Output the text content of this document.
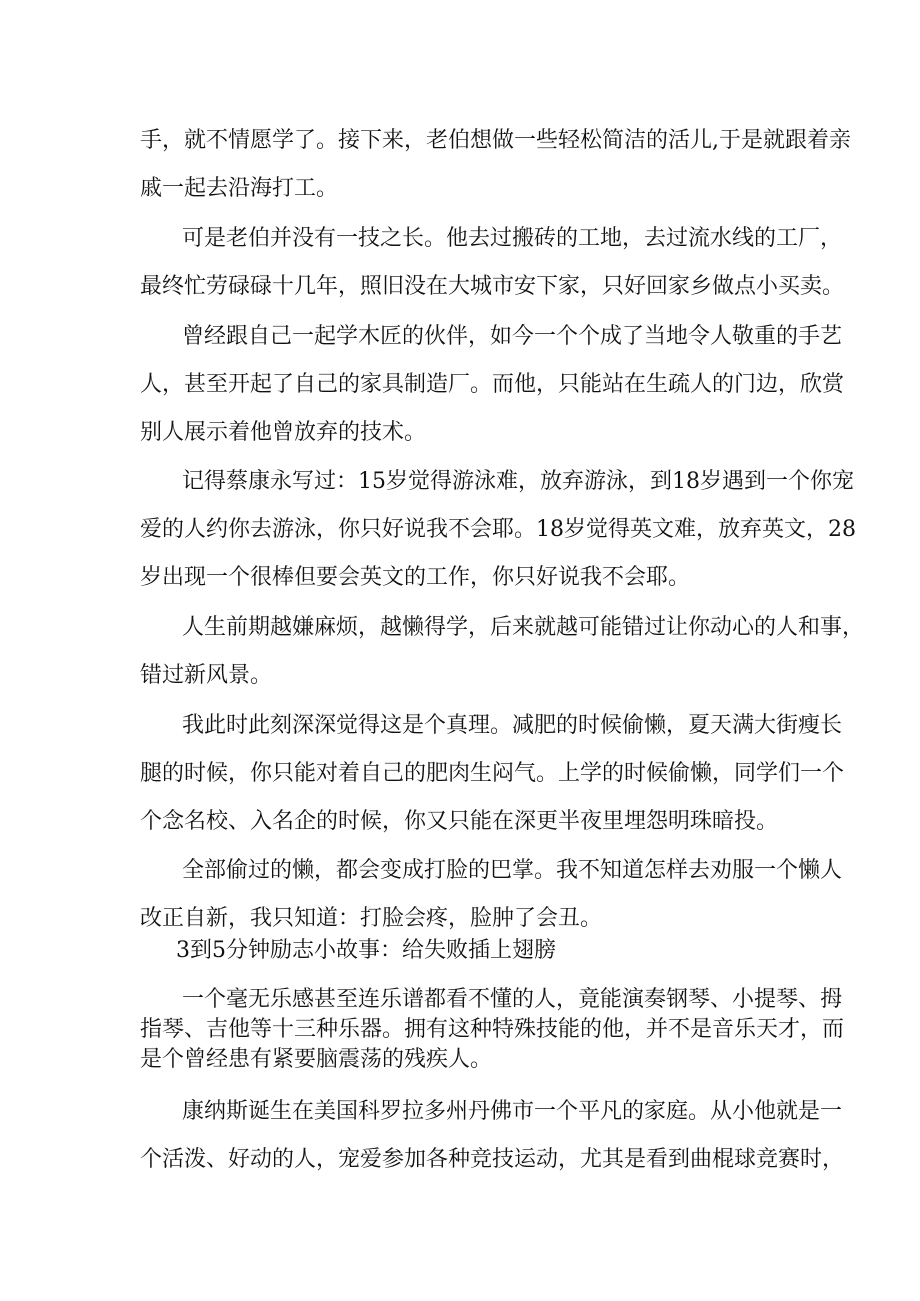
手，就不情愿学了。接下来，老伯想做一些轻松简洁的活儿,于是就跟着亲
戚一起去沿海打工。
可是老伯并没有一技之长。他去过搬砖的工地，去过流水线的工厂，
最终忙劳碌碌十几年，照旧没在大城市安下家，只好回家乡做点小买卖。
曾经跟自己一起学木匠的伙伴，如今一个个成了当地令人敬重的手艺
人，甚至开起了自己的家具制造厂。而他，只能站在生疏人的门边，欣赏
别人展示着他曾放弃的技术。
记得蔡康永写过：15岁觉得游泳难，放弃游泳，到18岁遇到一个你宠
爱的人约你去游泳，你只好说我不会耶。18岁觉得英文难，放弃英文，28
岁出现一个很棒但要会英文的工作，你只好说我不会耶。
人生前期越嫌麻烦，越懒得学，后来就越可能错过让你动心的人和事，
错过新风景。
我此时此刻深深觉得这是个真理。减肥的时候偷懒，夏天满大街瘦长
腿的时候，你只能对着自己的肥肉生闷气。上学的时候偷懒，同学们一个
个念名校、入名企的时候，你又只能在深更半夜里埋怨明珠暗投。
全部偷过的懒，都会变成打脸的巴掌。我不知道怎样去劝服一个懒人
改正自新，我只知道：打脸会疼，脸肿了会丑。
3到5分钟励志小故事：给失败插上翅膀
一个毫无乐感甚至连乐谱都看不懂的人，竟能演奏钢琴、小提琴、拇
指琴、吉他等十三种乐器。拥有这种特殊技能的他，并不是音乐天才，而
是个曾经患有紧要脑震荡的残疾人。
康纳斯诞生在美国科罗拉多州丹佛市一个平凡的家庭。从小他就是一
个活泼、好动的人，宠爱参加各种竞技运动，尤其是看到曲棍球竞赛时，
